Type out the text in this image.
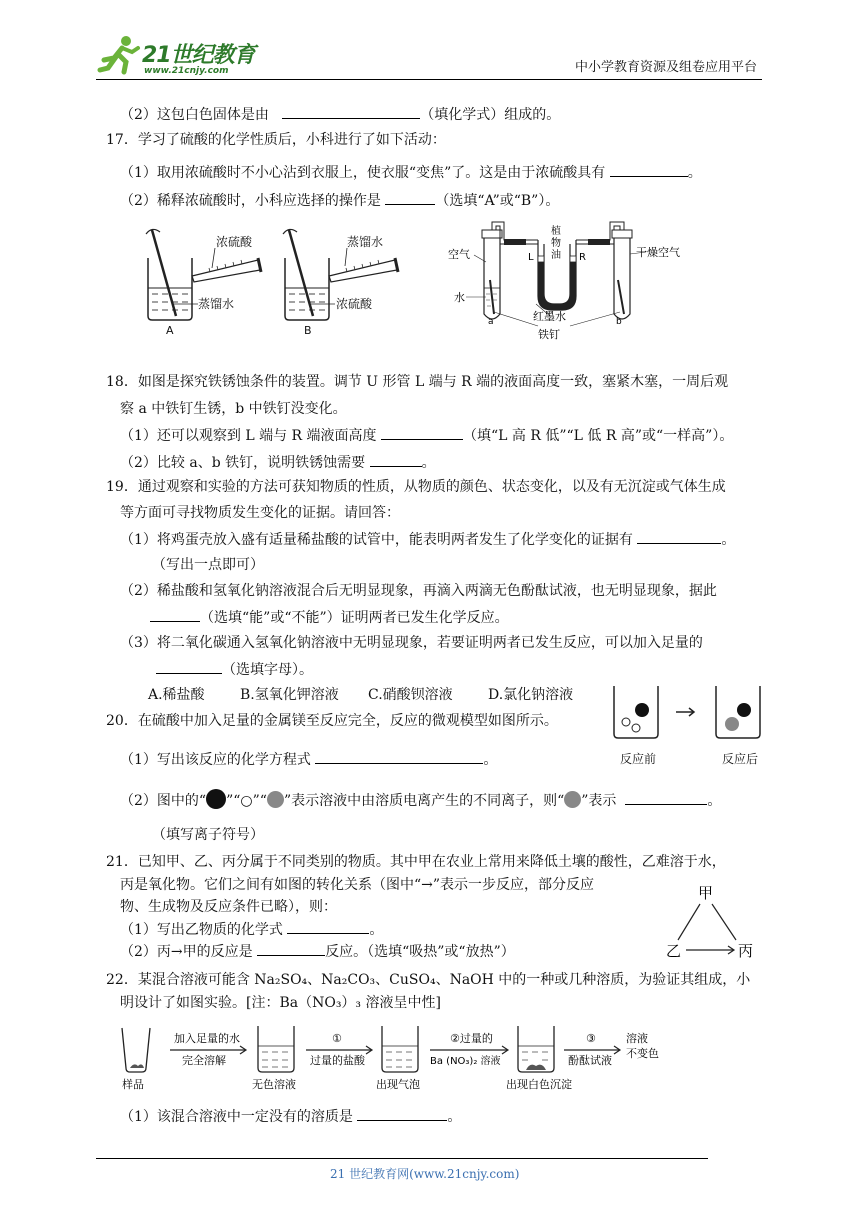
21世纪教育
www.21cnjy.com	中小学教育资源及组卷应用平台
（2）这包白色固体是由	（填化学式）组成的。
17．学习了硫酸的化学性质后，小科进行了如下活动：
（1）取用浓硫酸时不小心沾到衣服上，使衣服“变焦”了。这是由于浓硫酸具有	。
（2）稀释浓硫酸时，小科应选择的操作是	（选填“A”或“B”）。
浓硫酸
蒸馏水
A
蒸馏水
浓硫酸
B
空气	干燥空气
水
植
物
油
L	R
a	b
红墨水
铁钉
18．如图是探究铁锈蚀条件的装置。调节 U 形管 L 端与 R 端的液面高度一致，塞紧木塞，一周后观
察 a 中铁钉生锈，b 中铁钉没变化。
（1）还可以观察到 L 端与 R 端液面高度	（填“L 高 R 低”“L 低 R 高”或“一样高”）。
（2）比较 a、b 铁钉，说明铁锈蚀需要	。
19．通过观察和实验的方法可获知物质的性质，从物质的颜色、状态变化，以及有无沉淀或气体生成
等方面可寻找物质发生变化的证据。请回答：
（1）将鸡蛋壳放入盛有适量稀盐酸的试管中，能表明两者发生了化学变化的证据有	。
（写出一点即可）
（2）稀盐酸和氢氧化钠溶液混合后无明显现象，再滴入两滴无色酚酞试液，也无明显现象，据此
（选填“能”或“不能”）证明两者已发生化学反应。
（3）将二氧化碳通入氢氧化钠溶液中无明显现象，若要证明两者已发生反应，可以加入足量的
（选填字母）。
A.稀盐酸	B.氢氧化钾溶液 C.硝酸钡溶液	D.氯化钠溶液
反应前	反应后
20．在硫酸中加入足量的金属镁至反应完全，反应的微观模型如图所示。
（1）写出该反应的化学方程式	。
（2）图中的“ ”“○”“ ”表示溶液中由溶质电离产生的不同离子，则“ ”表示	。
（填写离子符号）
21．已知甲、乙、丙分属于不同类别的物质。其中甲在农业上常用来降低土壤的酸性，乙难溶于水，
丙是氧化物。它们之间有如图的转化关系（图中“→”表示一步反应，部分反应
物、生成物及反应条件已略），则：
（1）写出乙物质的化学式	。
（2）丙→甲的反应是	反应。（选填“吸热”或“放热”）
甲
乙	丙
22．某混合溶液可能含 Na₂SO₄、Na₂CO₃、CuSO₄、NaOH 中的一种或几种溶质，为验证其组成，小
明设计了如图实验。[注：Ba（NO₃）₃ 溶液呈中性]
加入足量的水
完全溶解
①
过量的盐酸
②过量的
Ba (NO₃)₂ 溶液
③
酚酞试液
溶液
不变色
样品	无色溶液	出现气泡	出现白色沉淀
（1）该混合溶液中一定没有的溶质是	。
21 世纪教育网(www.21cnjy.com)
